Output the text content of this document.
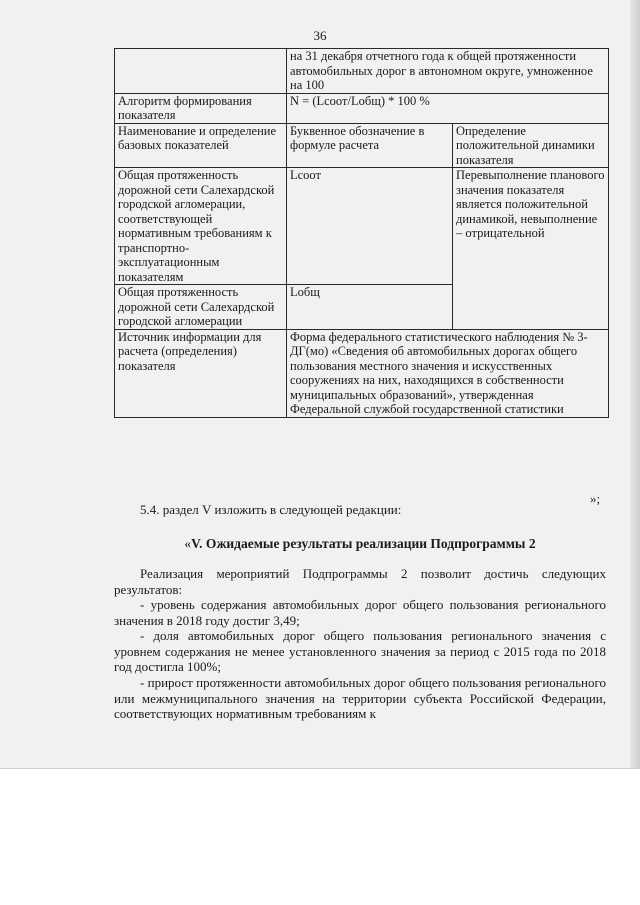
36
	на 31 декабря отчетного года к общей протяженности автомобильных дорог в автономном округе, умноженное на 100	
Алгоритм формирования показателя	N = (Lсоот/Lобщ) * 100 %	
Наименование и определение базовых показателей	Буквенное обозначение в формуле расчета	Определение положительной динамики показателя
Общая протяженность дорожной сети Салехардской городской агломерации, соответствующей нормативным требованиям к транспортно-эксплуатационным показателям	Lсоот	Перевыполнение планового значения показателя является положительной динамикой, невыполнение – отрицательной
Общая протяженность дорожной сети Салехардской городской агломерации	Lобщ	
Источник информации для расчета (определения) показателя	Форма федерального статистического наблюдения № 3-ДГ(мо) «Сведения об автомобильных дорогах общего пользования местного значения и искусственных сооружениях на них, находящихся в собственности муниципальных образований», утвержденная Федеральной службой государственной статистики	
»;
5.4. раздел V изложить в следующей редакции:
«V. Ожидаемые результаты реализации Подпрограммы 2
Реализация мероприятий Подпрограммы 2 позволит достичь следующих результатов:
- уровень содержания автомобильных дорог общего пользования регионального значения в 2018 году достиг 3,49;
- доля автомобильных дорог общего пользования регионального значения с уровнем содержания не менее установленного значения за период с 2015 года по 2018 год достигла 100%;
- прирост протяженности автомобильных дорог общего пользования регионального или межмуниципального значения на территории субъекта Российской Федерации, соответствующих нормативным требованиям к
